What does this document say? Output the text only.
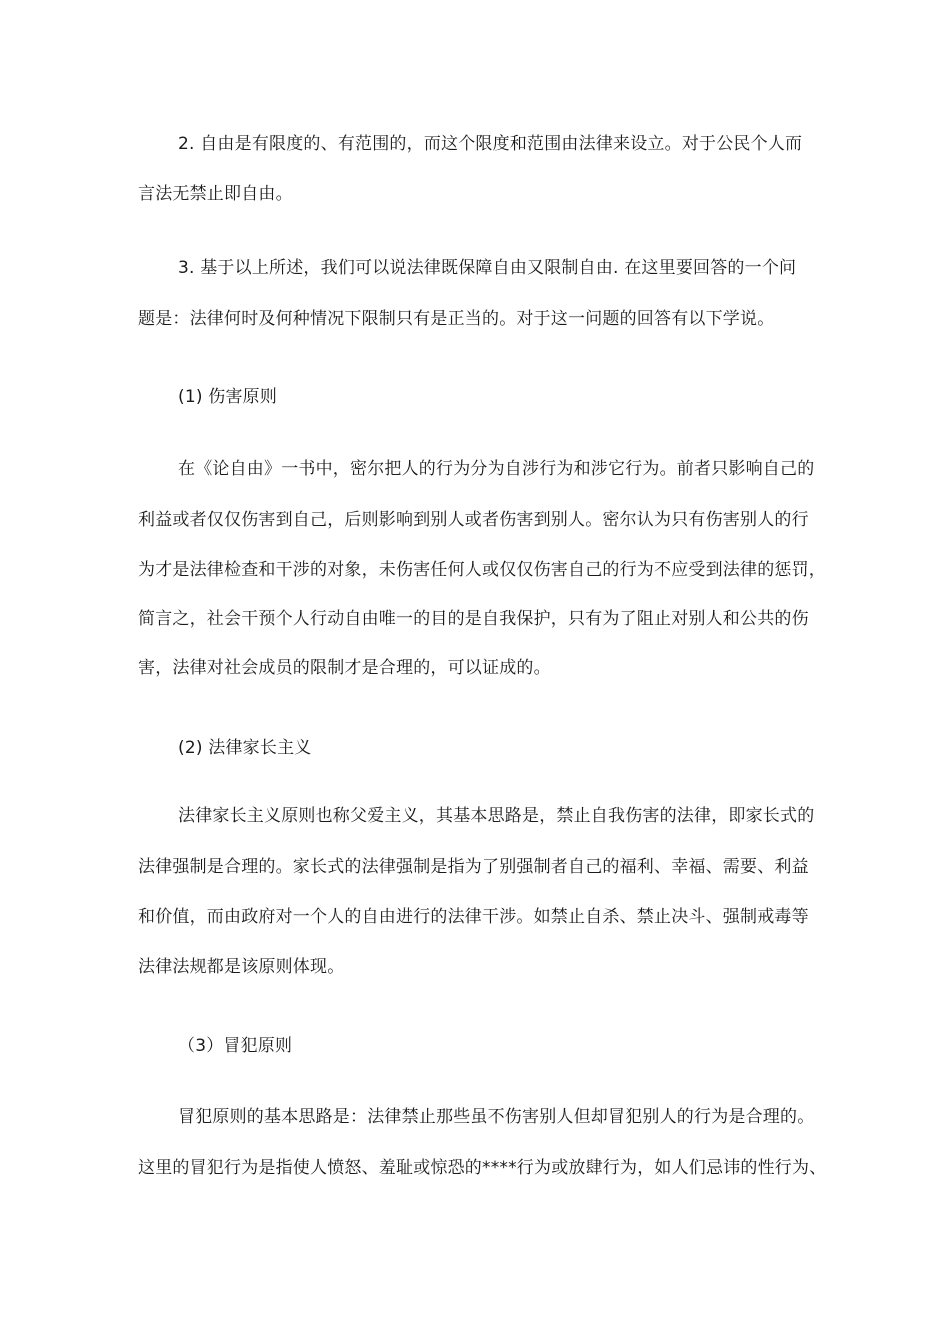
2. 自由是有限度的、有范围的，而这个限度和范围由法律来设立。对于公民个人而
言法无禁止即自由。
3. 基于以上所述，我们可以说法律既保障自由又限制自由. 在这里要回答的一个问
题是：法律何时及何种情况下限制只有是正当的。对于这一问题的回答有以下学说。
(1) 伤害原则
在《论自由》一书中，密尔把人的行为分为自涉行为和涉它行为。前者只影响自己的
利益或者仅仅伤害到自己，后则影响到别人或者伤害到别人。密尔认为只有伤害别人的行
为才是法律检查和干涉的对象，未伤害任何人或仅仅伤害自己的行为不应受到法律的惩罚，
简言之，社会干预个人行动自由唯一的目的是自我保护，只有为了阻止对别人和公共的伤
害，法律对社会成员的限制才是合理的，可以证成的。
(2) 法律家长主义
法律家长主义原则也称父爱主义，其基本思路是，禁止自我伤害的法律，即家长式的
法律强制是合理的。家长式的法律强制是指为了别强制者自己的福利、幸福、需要、利益
和价值，而由政府对一个人的自由进行的法律干涉。如禁止自杀、禁止决斗、强制戒毒等
法律法规都是该原则体现。
（3）冒犯原则
冒犯原则的基本思路是：法律禁止那些虽不伤害别人但却冒犯别人的行为是合理的。
这里的冒犯行为是指使人愤怒、羞耻或惊恐的****行为或放肆行为，如人们忌讳的性行为、
